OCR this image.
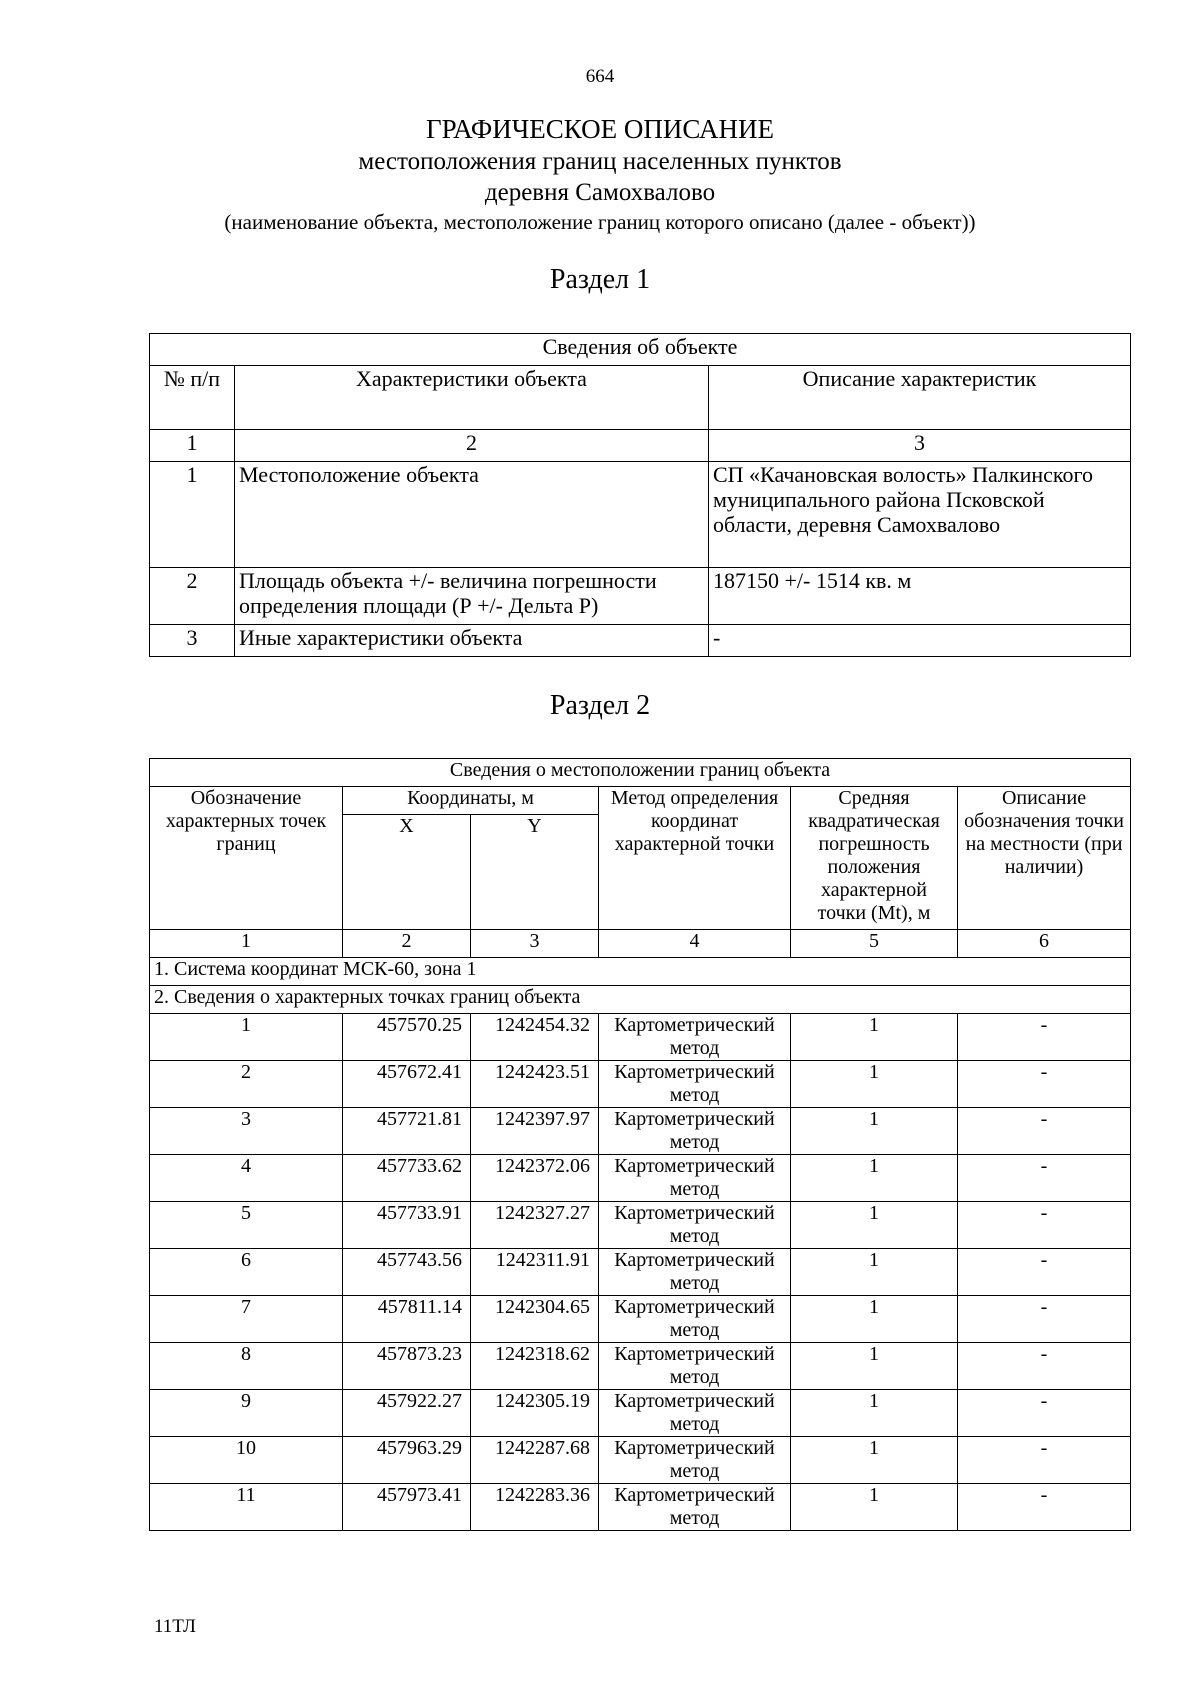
664
ГРАФИЧЕСКОЕ ОПИСАНИЕ
местоположения границ населенных пунктов
деревня Самохвалово
(наименование объекта, местоположение границ которого описано (далее - объект))
Раздел 1
Сведения об объекте		
№ п/п	Характеристики объекта	Описание характеристик
1	2	3
1	Местоположение объекта	СП «Качановская волость» Палкинского муниципального района Псковской области, деревня Самохвалово
2	Площадь объекта +/- величина погрешности определения площади (Р +/- Дельта Р)	187150 +/- 1514 кв. м
3	Иные характеристики объекта	-
Раздел 2
Сведения о местоположении границ объекта					
Обозначение характерных точек границ	Координаты, м		Метод определения координат характерной точки	Средняя квадратическая погрешность положения характерной точки (Mt), м	Описание обозначения точки на местности (при наличии)
	X	Y			
1	2	3	4	5	6
1. Система координат МСК-60, зона 1					
2. Сведения о характерных точках границ объекта					
1	457570.25	1242454.32	Картометрический метод	1	-
2	457672.41	1242423.51	Картометрический метод	1	-
3	457721.81	1242397.97	Картометрический метод	1	-
4	457733.62	1242372.06	Картометрический метод	1	-
5	457733.91	1242327.27	Картометрический метод	1	-
6	457743.56	1242311.91	Картометрический метод	1	-
7	457811.14	1242304.65	Картометрический метод	1	-
8	457873.23	1242318.62	Картометрический метод	1	-
9	457922.27	1242305.19	Картометрический метод	1	-
10	457963.29	1242287.68	Картометрический метод	1	-
11	457973.41	1242283.36	Картометрический метод	1	-
11ТЛ
